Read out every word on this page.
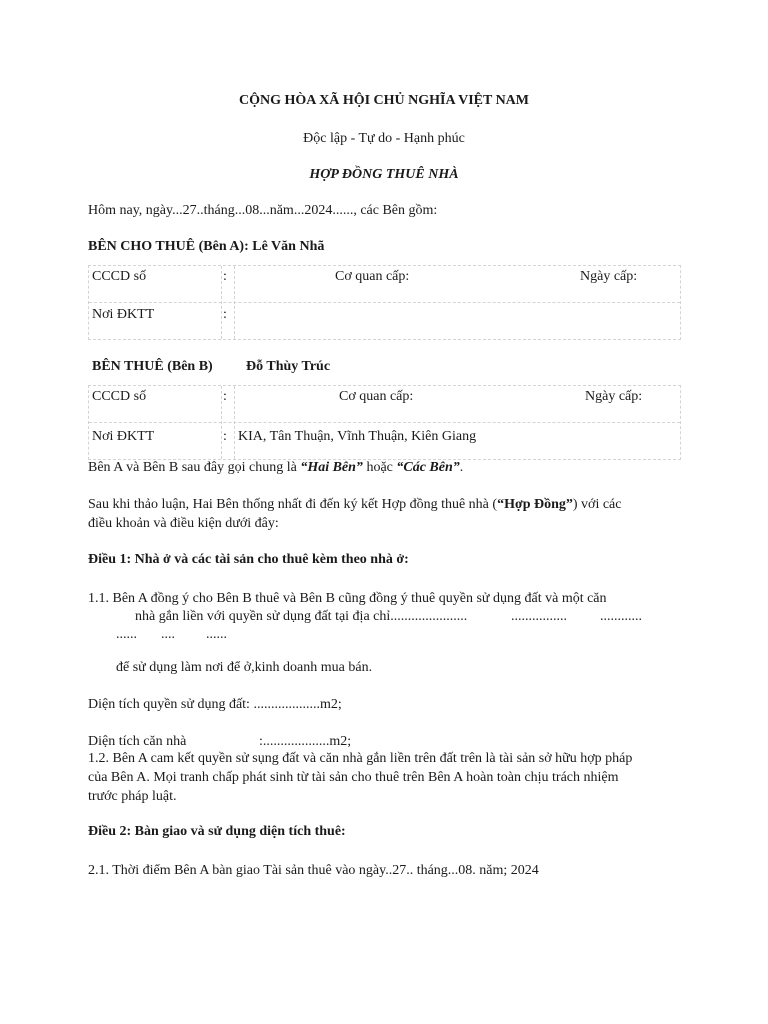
CỘNG HÒA XÃ HỘI CHỦ NGHĨA VIỆT NAM
Độc lập - Tự do - Hạnh phúc
HỢP ĐỒNG THUÊ NHÀ
Hôm nay, ngày...27..tháng...08...năm...2024......, các Bên gồm:
BÊN CHO THUÊ (Bên A): Lê Văn Nhã
CCCD số	:	Cơ quan cấp:	Ngày cấp:
Nơi ĐKTT	:
BÊN THUÊ (Bên B) Đỗ Thùy Trúc
CCCD số	:	Cơ quan cấp:	Ngày cấp:
Nơi ĐKTT	: KIA, Tân Thuận, Vĩnh Thuận, Kiên Giang
Bên A và Bên B sau đây gọi chung là “Hai Bên” hoặc “Các Bên”.
Sau khi thảo luận, Hai Bên thống nhất đi đến ký kết Hợp đồng thuê nhà (“Hợp Đồng”) với các
điều khoản và điều kiện dưới đây:
Điều 1: Nhà ở và các tài sản cho thuê kèm theo nhà ở:
1.1. Bên A đồng ý cho Bên B thuê và Bên B cũng đồng ý thuê quyền sử dụng đất và một căn
nhà gắn liền với quyền sử dụng đất tại địa chỉ......................	................ ............
...... .... ......
để sử dụng làm nơi để ở,kinh doanh mua bán.
Diện tích quyền sử dụng đất: ...................m2;
Diện tích căn nhà	:...................m2;
1.2. Bên A cam kết quyền sử sụng đất và căn nhà gắn liền trên đất trên là tài sản sở hữu hợp pháp
của Bên A. Mọi tranh chấp phát sinh từ tài sản cho thuê trên Bên A hoàn toàn chịu trách nhiệm
trước pháp luật.
Điều 2: Bàn giao và sử dụng diện tích thuê:
2.1. Thời điểm Bên A bàn giao Tài sản thuê vào ngày..27.. tháng...08. năm; 2024
